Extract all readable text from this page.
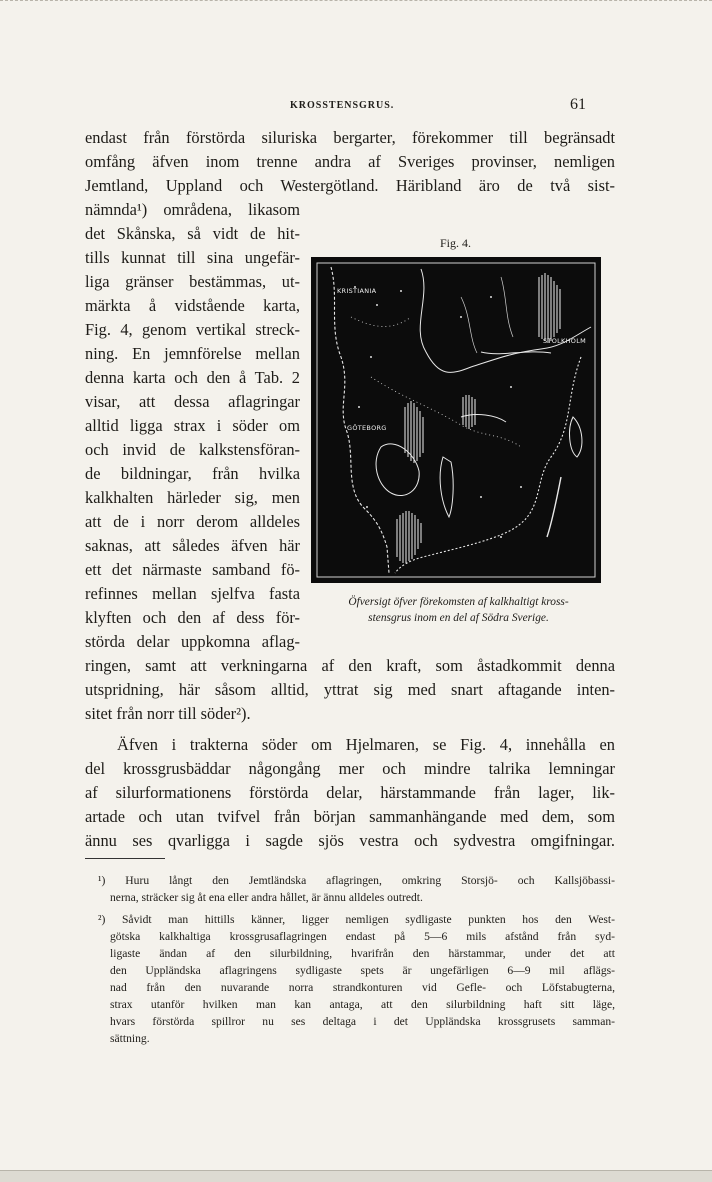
KROSSTENSGRUS.	61
endast från förstörda siluriska bergarter, förekommer till begränsadt
omfång äfven inom trenne andra af Sveriges provinser, nemligen
Jemtland, Uppland och Westergötland. Häribland äro de två sist-
nämnda¹) områdena, likasom
det Skånska, så vidt de hit-
tills kunnat till sina ungefär-
liga gränser bestämmas, ut-
märkta å vidstående karta,
Fig. 4, genom vertikal streck-
ning. En jemnförelse mellan
denna karta och den å Tab. 2
visar, att dessa aflagringar
alltid ligga strax i söder om
och invid de kalkstensföran-
de bildningar, från hvilka
kalkhalten härleder sig, men
att de i norr derom alldeles
saknas, att således äfven här
ett det närmaste samband fö-
refinnes mellan sjelfva fasta
klyften och den af dess för-
störda delar uppkomna aflag-
ringen, samt att verkningarna af den kraft, som åstadkommit denna
utspridning, här såsom alltid, yttrat sig med snart aftagande inten-
sitet från norr till söder²).
Äfven i trakterna söder om Hjelmaren, se Fig. 4, innehålla en
del krossgrusbäddar någongång mer och mindre talrika lemningar
af silurformationens förstörda delar, härstammande från lager, lik-
artade och utan tvifvel från början sammanhängande med dem, som
ännu ses qvarligga i sagde sjös vestra och sydvestra omgifningar.
Fig. 4.
KRISTIANIA
STOLKHOLM
GÖTEBORG
Öfversigt öfver förekomsten af kalkhaltigt kross-
stensgrus inom en del af Södra Sverige.
¹) Huru långt den Jemtländska aflagringen, omkring Storsjö- och Kallsjöbassi-
nerna, sträcker sig åt ena eller andra hållet, är ännu alldeles outredt.
²) Såvidt man hittills känner, ligger nemligen sydligaste punkten hos den West-
götska kalkhaltiga krossgrusaflagringen endast på 5—6 mils afstånd från syd-
ligaste ändan af den silurbildning, hvarifrån den härstammar, under det att
den Uppländska aflagringens sydligaste spets är ungefärligen 6—9 mil aflägs-
nad från den nuvarande norra strandkonturen vid Gefle- och Löfstabugterna,
strax utanför hvilken man kan antaga, att den silurbildning haft sitt läge,
hvars förstörda spillror nu ses deltaga i det Uppländska krossgrusets samman-
sättning.
